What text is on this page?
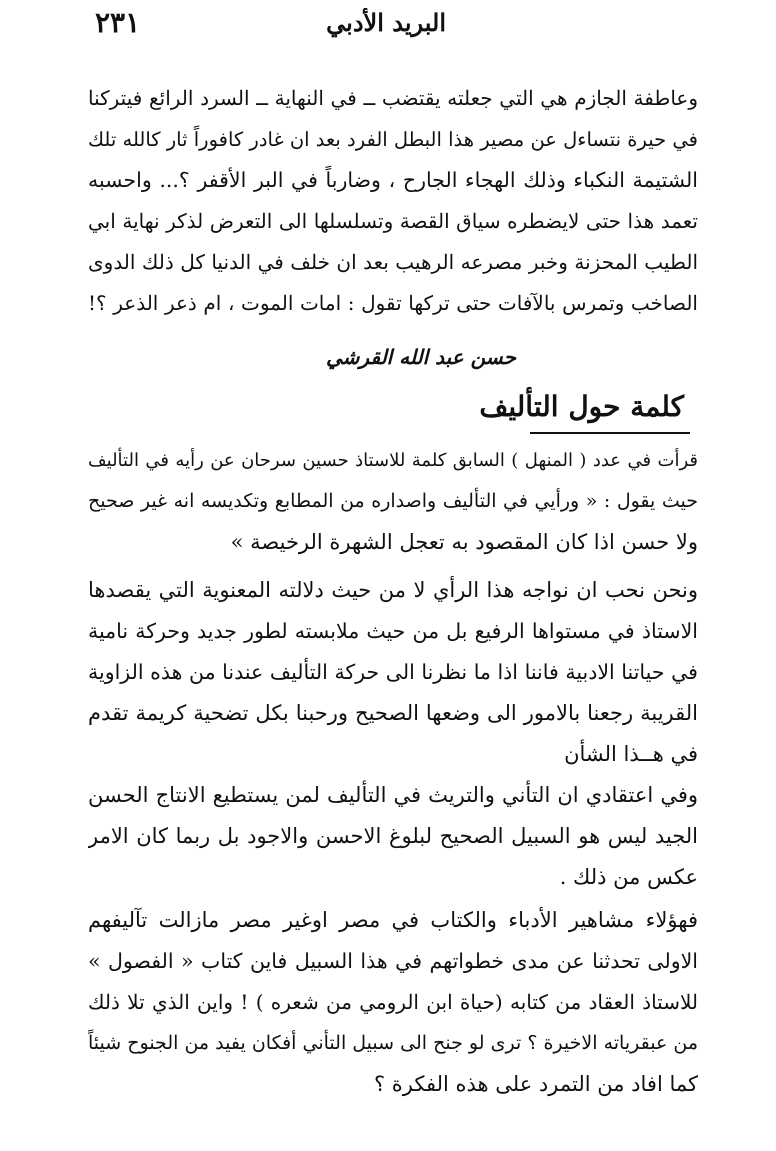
البريد الأدبي
٢٣١
وعاطفة الجازم هي التي جعلته يقتضب ــ في النهاية ــ السرد الرائع فيتركنا
في حيرة نتساءل عن مصير هذا البطل الفرد بعد ان غادر كافوراً ثار كالله تلك
الشتيمة النكباء وذلك الهجاء الجارح ، وضارباً في البر الأقفر ؟... واحسبه
تعمد هذا حتى لايضطره سياق القصة وتسلسلها الى التعرض لذكر نهاية ابي
الطيب المحزنة وخبر مصرعه الرهيب بعد ان خلف في الدنيا كل ذلك الدوى
الصاخب وتمرس بالآفات حتى تركها تقول : امات الموت ، ام ذعر الذعر ؟!
حسن عبد الله القرشي
كلمة حول التأليف
قرأت في عدد ( المنهل ) السابق كلمة للاستاذ حسين سرحان عن رأيه في التأليف
حيث يقول : « ورأيي في التأليف واصداره من المطابع وتكديسه انه غير صحيح
ولا حسن اذا كان المقصود به تعجل الشهرة الرخيصة »
ونحن نحب ان نواجه هذا الرأي لا من حيث دلالته المعنوية التي يقصدها
الاستاذ في مستواها الرفيع بل من حيث ملابسته لطور جديد وحركة نامية
في حياتنا الادبية فاننا اذا ما نظرنا الى حركة التأليف عندنا من هذه الزاوية
القريبة رجعنا بالامور الى وضعها الصحيح ورحبنا بكل تضحية كريمة تقدم
في هــذا الشأن
وفي اعتقادي ان التأني والتريث في التأليف لمن يستطيع الانتاج الحسن
الجيد ليس هو السبيل الصحيح لبلوغ الاحسن والاجود بل ربما كان الامر
عكس من ذلك .
فهؤلاء مشاهير الأدباء والكتاب في مصر اوغير مصر مازالت تآليفهم
الاولى تحدثنا عن مدى خطواتهم في هذا السبيل فاين كتاب « الفصول »
للاستاذ العقاد من كتابه (حياة ابن الرومي من شعره ) ! واين الذي تلا ذلك
من عبقرياته الاخيرة ؟ ترى لو جنح الى سبيل التأني أفكان يفيد من الجنوح شيئاً
كما افاد من التمرد على هذه الفكرة ؟
